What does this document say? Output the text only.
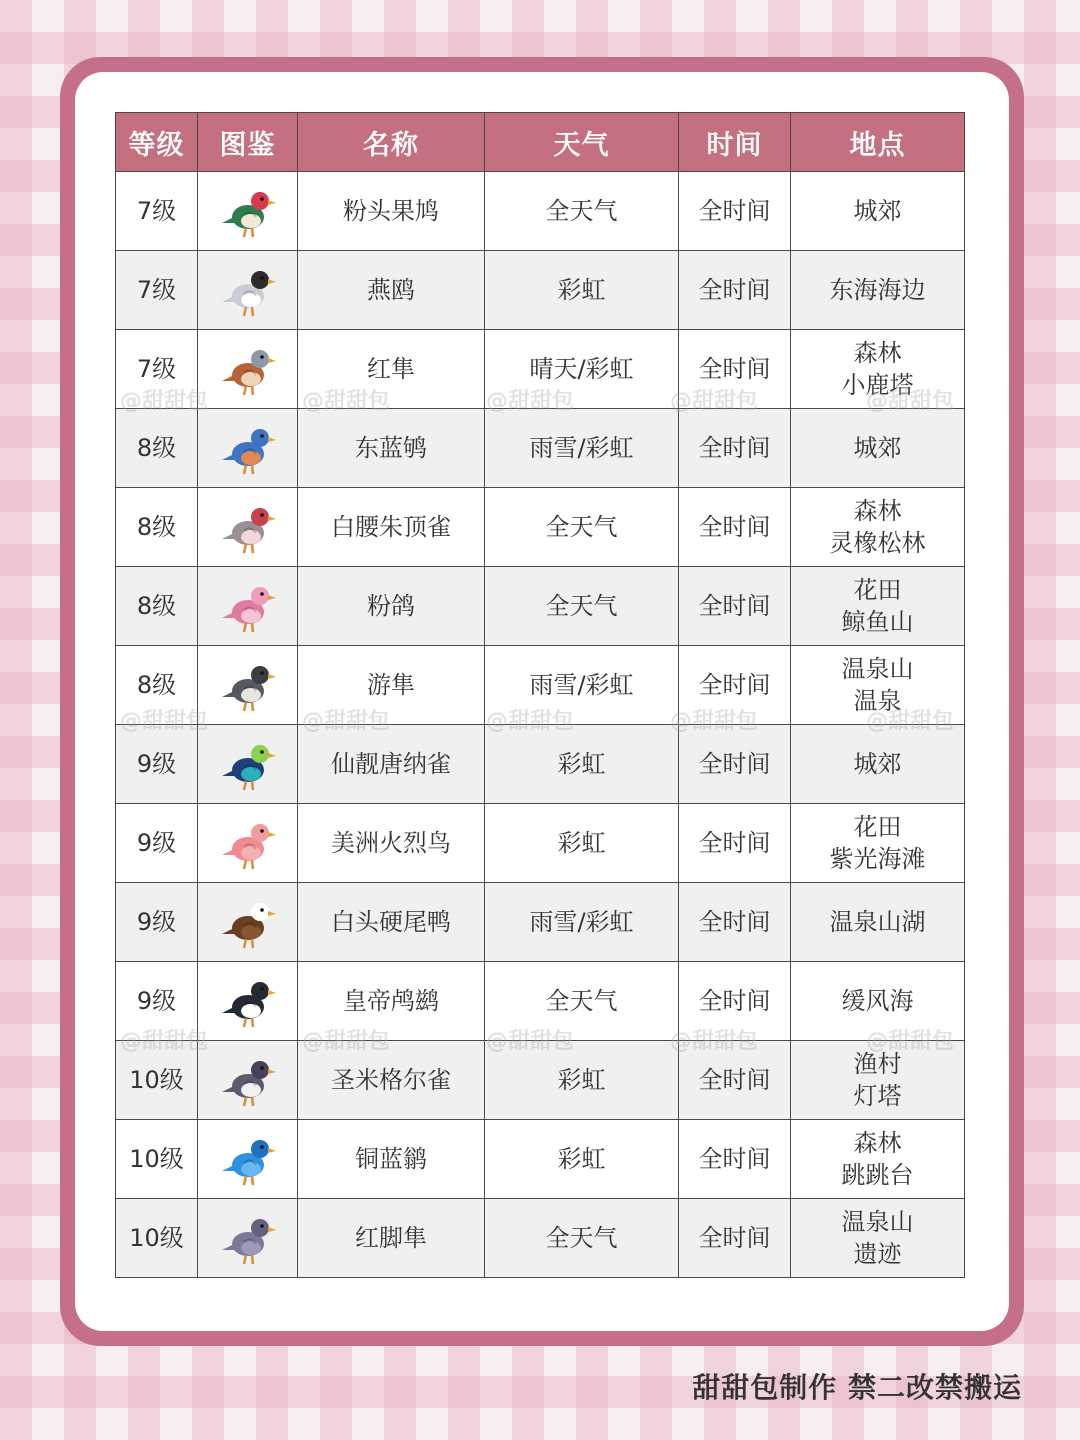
等级	图鉴	名称	天气	时间	地点
7级		粉头果鸠	全天气	全时间	城郊

7级		燕鸥	彩虹	全时间	东海海边

7级		红隼	晴天/彩虹	全时间	森林
小鹿塔

8级		东蓝鸲	雨雪/彩虹	全时间	城郊

8级		白腰朱顶雀	全天气	全时间	森林
灵橡松林

8级		粉鸽	全天气	全时间	花田
鲸鱼山

8级		游隼	雨雪/彩虹	全时间	温泉山
温泉

9级		仙靓唐纳雀	彩虹	全时间	城郊

9级		美洲火烈鸟	彩虹	全时间	花田
紫光海滩

9级		白头硬尾鸭	雨雪/彩虹	全时间	温泉山湖

9级		皇帝鸬鹚	全天气	全时间	缓风海

10级		圣米格尔雀	彩虹	全时间	渔村
灯塔

10级		铜蓝鹟	彩虹	全时间	森林
跳跳台

10级		红脚隼	全天气	全时间	温泉山
遗迹
@甜甜包	@甜甜包	@甜甜包	@甜甜包	@甜甜包
@甜甜包	@甜甜包	@甜甜包	@甜甜包	@甜甜包
@甜甜包	@甜甜包	@甜甜包	@甜甜包	@甜甜包
甜甜包制作 禁二改禁搬运
